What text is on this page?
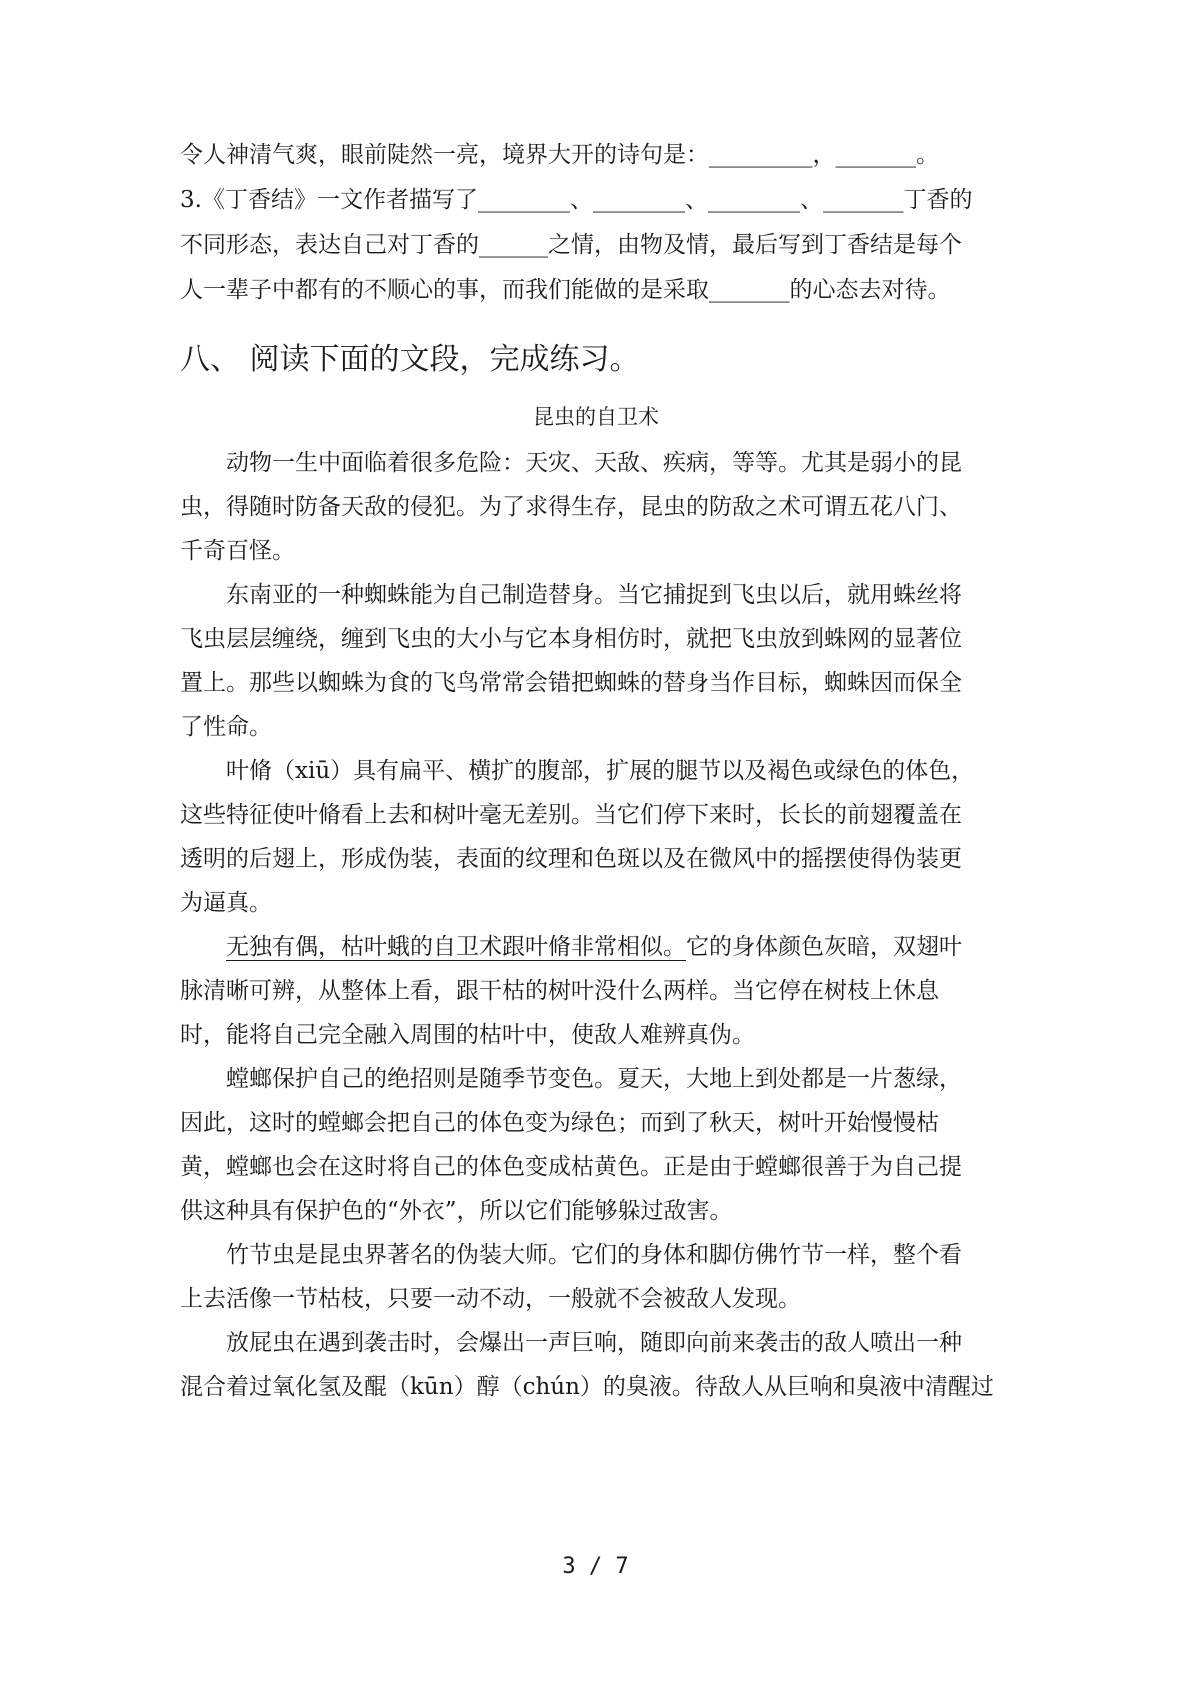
令人神清气爽，眼前陡然一亮，境界大开的诗句是：_________，_______。
3.《丁香结》一文作者描写了________、________、________、_______丁香的
不同形态，表达自己对丁香的______之情，由物及情，最后写到丁香结是每个
人一辈子中都有的不顺心的事，而我们能做的是采取_______的心态去对待。
八、 阅读下面的文段，完成练习。
昆虫的自卫术
　　动物一生中面临着很多危险：天灾、天敌、疾病，等等。尤其是弱小的昆
虫，得随时防备天敌的侵犯。为了求得生存，昆虫的防敌之术可谓五花八门、
千奇百怪。
　　东南亚的一种蜘蛛能为自己制造替身。当它捕捉到飞虫以后，就用蛛丝将
飞虫层层缠绕，缠到飞虫的大小与它本身相仿时，就把飞虫放到蛛网的显著位
置上。那些以蜘蛛为食的飞鸟常常会错把蜘蛛的替身当作目标，蜘蛛因而保全
了性命。
　　叶脩（xiū）具有扁平、横扩的腹部，扩展的腿节以及褐色或绿色的体色，
这些特征使叶脩看上去和树叶毫无差别。当它们停下来时，长长的前翅覆盖在
透明的后翅上，形成伪装，表面的纹理和色斑以及在微风中的摇摆使得伪装更
为逼真。
　　无独有偶，枯叶蛾的自卫术跟叶脩非常相似。它的身体颜色灰暗，双翅叶
脉清晰可辨，从整体上看，跟干枯的树叶没什么两样。当它停在树枝上休息
时，能将自己完全融入周围的枯叶中，使敌人难辨真伪。
　　螳螂保护自己的绝招则是随季节变色。夏天，大地上到处都是一片葱绿，
因此，这时的螳螂会把自己的体色变为绿色；而到了秋天，树叶开始慢慢枯
黄，螳螂也会在这时将自己的体色变成枯黄色。正是由于螳螂很善于为自己提
供这种具有保护色的“外衣”，所以它们能够躲过敌害。
　　竹节虫是昆虫界著名的伪装大师。它们的身体和脚仿佛竹节一样，整个看
上去活像一节枯枝，只要一动不动，一般就不会被敌人发现。
　　放屁虫在遇到袭击时，会爆出一声巨响，随即向前来袭击的敌人喷出一种
混合着过氧化氢及醌（kūn）醇（chún）的臭液。待敌人从巨响和臭液中清醒过
3 / 7
